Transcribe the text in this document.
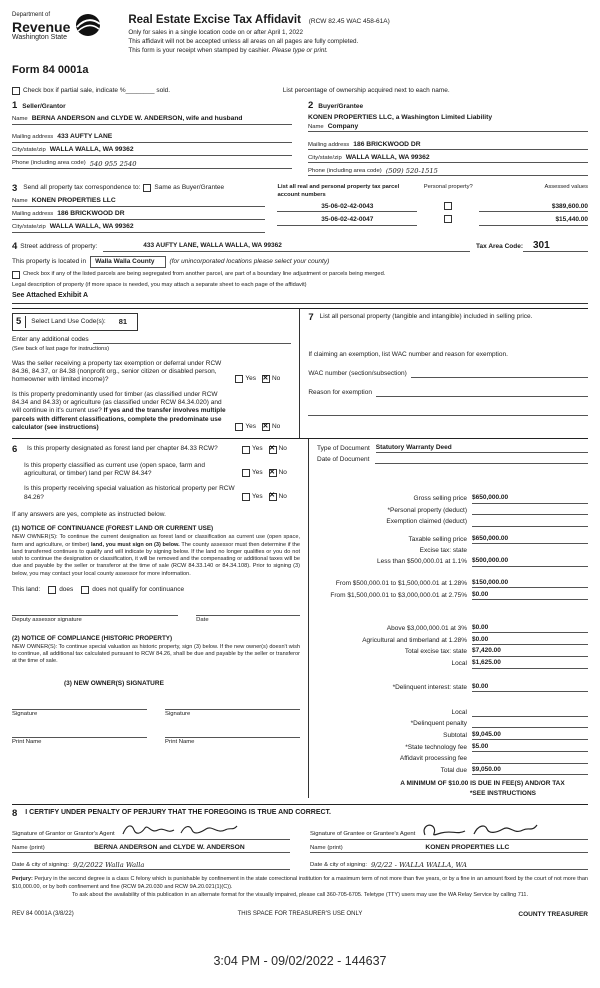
Department of
Revenue
Washington State
Real Estate Excise Tax Affidavit (RCW 82.45 WAC 458-61A)
Only for sales in a single location code on or after April 1, 2022
This affidavit will not be accepted unless all areas on all pages are fully completed.
This form is your receipt when stamped by cashier. Please type or print.
Form 84 0001a
Check box if partial sale, indicate %________ sold.	List percentage of ownership acquired next to each name.
1 Seller/Grantor
Name BERNA ANDERSON and CLYDE W. ANDERSON, wife and husband
Mailing address 433 AUFTY LANE
City/state/zip WALLA WALLA, WA 99362
Phone (including area code) 540 955 2540
2 Buyer/Grantee
KONEN PROPERTIES LLC, a Washington Limited Liability
Name Company
Mailing address 186 BRICKWOOD DR
City/state/zip WALLA WALLA, WA 99362
Phone (including area code) (509) 520-1515
3 Send all property tax correspondence to: Same as Buyer/Grantee
Name KONEN PROPERTIES LLC
Mailing address 186 BRICKWOOD DR
City/state/zip WALLA WALLA, WA 99362
List all real and personal property tax parcel account numbers
Personal property?	Assessed values
35-06-02-42-0043	$389,600.00
35-06-02-42-0047	$15,440.00
4 Street address of property:	433 AUFTY LANE, WALLA WALLA, WA 99362	Tax Area Code:	301
This property is located in	Walla Walla County	(for unincorporated locations please select your county)
Check box if any of the listed parcels are being segregated from another parcel, are part of a boundary line adjustment or parcels being merged.
Legal description of property (if more space is needed, you may attach a separate sheet to each page of the affidavit)
See Attached Exhibit A
5	Select Land Use Code(s): 81
Enter any additional codes
(See back of last page for instructions)
Was the seller receiving a property tax exemption or deferral under RCW 84.36, 84.37, or 84.38 (nonprofit org., senior citizen or disabled person, homeowner with limited income)?	Yes ✕ No
Is this property predominantly used for timber (as classified under RCW 84.34 and 84.33) or agriculture (as classified under RCW 84.34.020) and will continue in it's current use? If yes and the transfer involves multiple parcels with different classifications, complete the predominate use calculator (see instructions)	Yes ✕ No
7 List all personal property (tangible and intangible) included in selling price.
If claiming an exemption, list WAC number and reason for exemption.
WAC number (section/subsection)
Reason for exemption
6	Is this property designated as forest land per chapter 84.33 RCW?	Yes ✕ No
Is this property classified as current use (open space, farm and agricultural, or timber) land per RCW 84.34?	Yes ✕ No
Is this property receiving special valuation as historical property per RCW 84.26?	Yes ✕ No
If any answers are yes, complete as instructed below.
(1) NOTICE OF CONTINUANCE (FOREST LAND OR CURRENT USE)
NEW OWNER(S): To continue the current designation as forest land or classification as current use (open space, farm and agriculture, or timber) land, you must sign on (3) below. The county assessor must then determine if the land transferred continues to qualify and will indicate by signing below. If the land no longer qualifies or you do not wish to continue the designation or classification, it will be removed and the compensating or additional taxes will be due and payable by the seller or transferor at the time of sale (RCW 84.33.140 or 84.34.108). Prior to signing (3) below, you may contact your local county assessor for more information.
This land:	does	does not qualify for continuance
Deputy assessor signature	Date
(2) NOTICE OF COMPLIANCE (HISTORIC PROPERTY)
NEW OWNER(S): To continue special valuation as historic property, sign (3) below. If the new owner(s) doesn't wish to continue, all additional tax calculated pursuant to RCW 84.26, shall be due and payable by the seller or transferor at the time of sale.
(3) NEW OWNER(S) SIGNATURE
Signature	Signature
Print Name	Print Name
Type of Document Statutory Warranty Deed
Date of Document
Gross selling price $650,000.00
*Personal property (deduct)
Exemption claimed (deduct)
Taxable selling price $650,000.00
Excise tax: state
Less than $500,000.01 at 1.1% $500,000.00
From $500,000.01 to $1,500,000.01 at 1.28% $150,000.00
From $1,500,000.01 to $3,000,000.01 at 2.75% $0.00
Above $3,000,000.01 at 3% $0.00
Agricultural and timberland at 1.28% $0.00
Total excise tax: state $7,420.00
Local $1,625.00
*Delinquent interest: state $0.00
Local
*Delinquent penalty
Subtotal $9,045.00
*State technology fee $5.00
Affidavit processing fee
Total due $9,050.00
A MINIMUM OF $10.00 IS DUE IN FEE(S) AND/OR TAX
*SEE INSTRUCTIONS
8 I CERTIFY UNDER PENALTY OF PERJURY THAT THE FOREGOING IS TRUE AND CORRECT.
Signature of Grantor or Grantor's Agent
Name (print)	BERNA ANDERSON and CLYDE W. ANDERSON
Date & city of signing: 9/2/2022 Walla Walla
Signature of Grantee or Grantee's Agent
Name (print)	KONEN PROPERTIES LLC
Date & city of signing: 9/2/22 - WALLA WALLA, WA
Perjury: Perjury in the second degree is a class C felony which is punishable by confinement in the state correctional institution for a maximum term of not more than five years, or by a fine in an amount fixed by the court of not more than $10,000.00, or by both confinement and fine (RCW 9A.20.030 and RCW 9A.20.021(1)(C)).
To ask about the availability of this publication in an alternate format for the visually impaired, please call 360-705-6705. Teletype (TTY) users may use the WA Relay Service by calling 711.
REV 84 0001A (3/8/22)	THIS SPACE FOR TREASURER'S USE ONLY	COUNTY TREASURER
3:04 PM - 09/02/2022 - 144637
